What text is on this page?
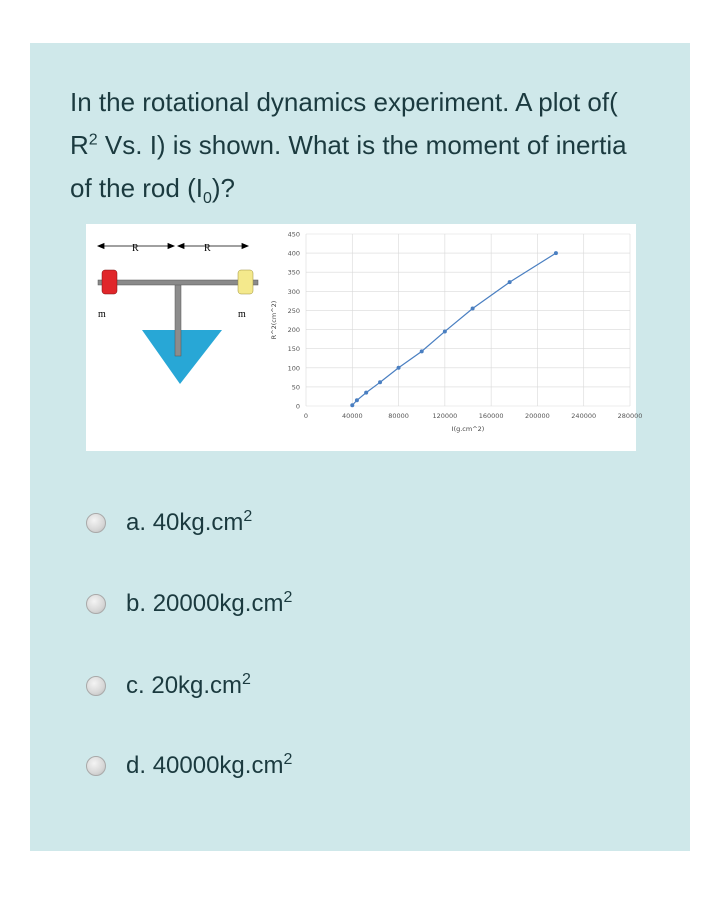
In the rotational dynamics experiment. A plot of( $R^2$ Vs. I) is shown. What is the moment of inertia of the rod $(I_0)$?
R	R
m	m
0
50
100
150
200
250
300
350
400
450
0	40000	80000	120000	160000	200000	240000	280000
R^2(cm^2)
I(g.cm^2)
a. $40kg.cm^2$
b. $20000kg.cm^2$
c. $20kg.cm^2$
d. $40000kg.cm^2$
